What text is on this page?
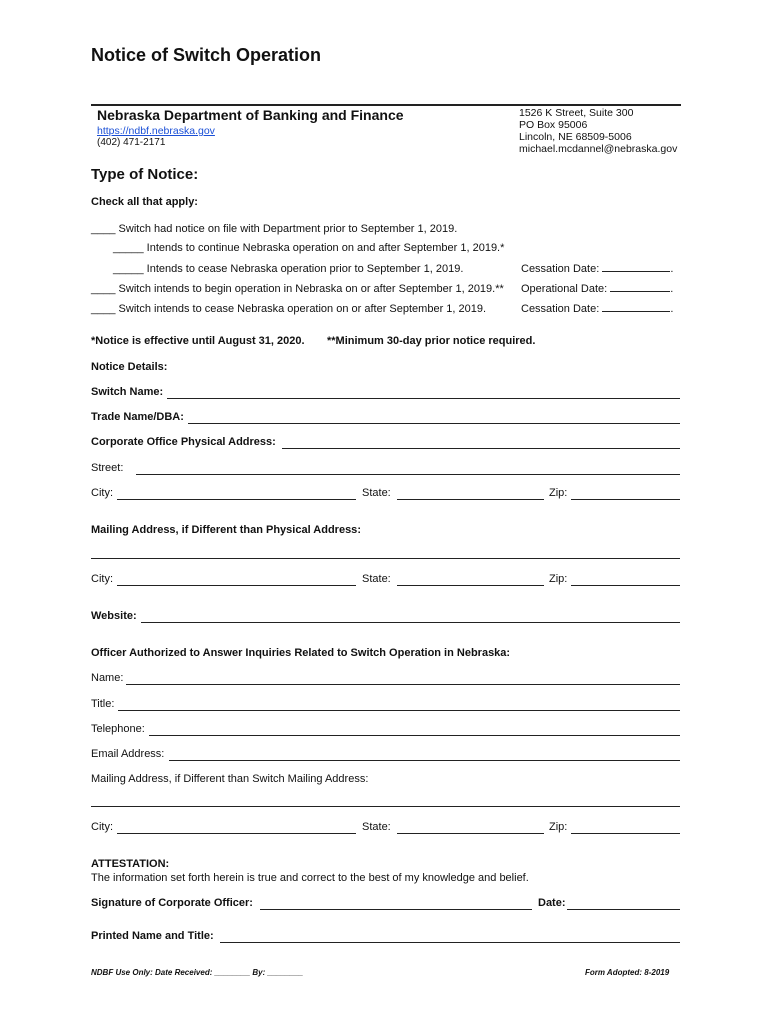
Notice of Switch Operation
Nebraska Department of Banking and Finance
https://ndbf.nebraska.gov
(402) 471-2171
1526 K Street, Suite 300
PO Box 95006
Lincoln, NE 68509-5006
michael.mcdannel@nebraska.gov
Type of Notice:
Check all that apply:
____ Switch had notice on file with Department prior to September 1, 2019.
_____ Intends to continue Nebraska operation on and after September 1, 2019.*
_____ Intends to cease Nebraska operation prior to September 1, 2019.	Cessation Date:	.
____ Switch intends to begin operation in Nebraska on or after September 1, 2019.** Operational Date:	.
____ Switch intends to cease Nebraska operation on or after September 1, 2019.	Cessation Date:	.
*Notice is effective until August 31, 2020. **Minimum 30-day prior notice required.
Notice Details:
Switch Name:
Trade Name/DBA:
Corporate Office Physical Address:
Street:
City:	State:	Zip:
Mailing Address, if Different than Physical Address:
City:	State:	Zip:
Website:
Officer Authorized to Answer Inquiries Related to Switch Operation in Nebraska:
Name:
Title:
Telephone:
Email Address:
Mailing Address, if Different than Switch Mailing Address:
City:	State:	Zip:
ATTESTATION:
The information set forth herein is true and correct to the best of my knowledge and belief.
Signature of Corporate Officer:	Date:
Printed Name and Title:
NDBF Use Only: Date Received: ________ By: ________	Form Adopted: 8-2019
